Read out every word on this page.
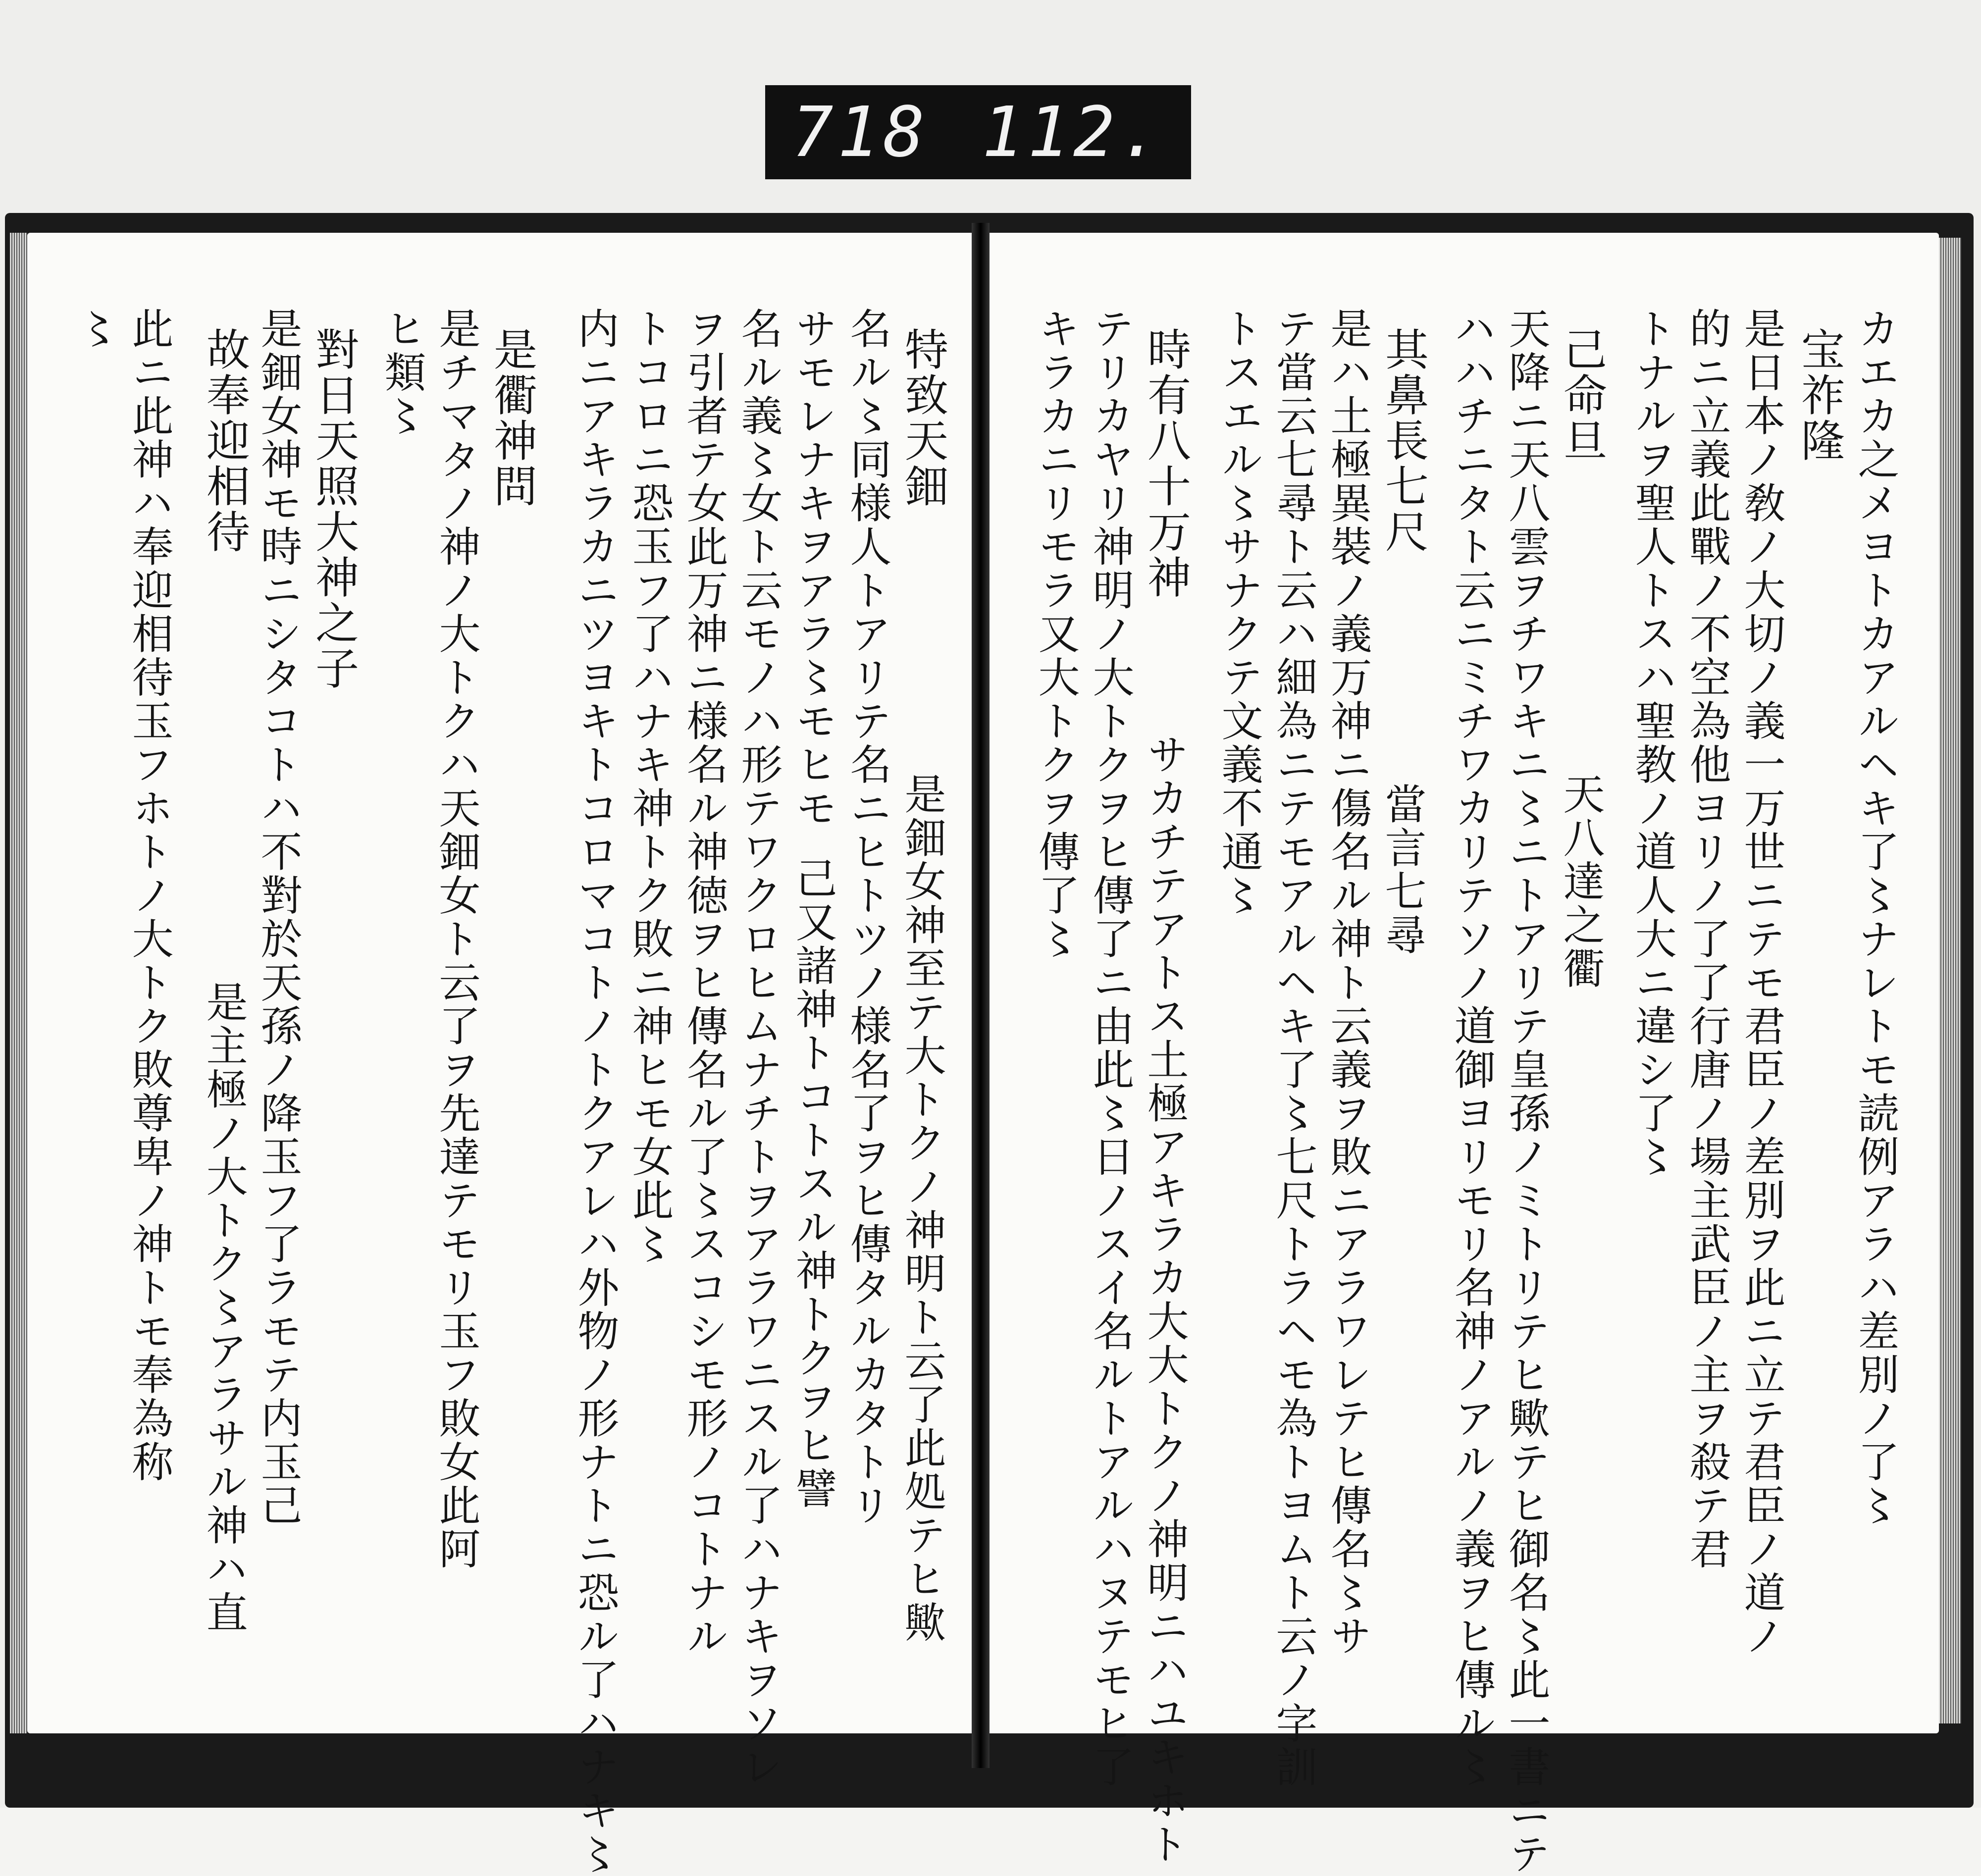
718 112.
カエカ之メヨトカアルヘキ了〻ナレトモ読例アラハ差別ノ了〻
宝祚隆
是日本ノ敎ノ大切ノ義一万世ニテモ君臣ノ差別ヲ此ニ立テ君臣ノ道ノ
的ニ立義此戰ノ不空為他ヨリノ了了行唐ノ場主武臣ノ主ヲ殺テ君
トナルヲ聖人トスハ聖教ノ道人大ニ違シ了〻
己命旦
天八達之衢
天降ニ天八雲ヲチワキニ〻ニトアリテ皇孫ノミトリテヒ歟テヒ御名〻此一書ニテ
ハハチニタト云ニミチワカリテソノ道御ヨリモリ名神ノアルノ義ヲヒ傳ル〻
其鼻長七尺
當言七尋
是ハ土極異裝ノ義万神ニ傷名ル神ト云義ヲ敗ニアラワレテヒ傳名〻サ
テ當云七尋ト云ハ細為ニテモアルヘキ了〻七尺トラヘモ為トヨムト云ノ字訓
トスエル〻サナクテ文義不通〻
時有八十万神
サカチテアトス土極アキラカ大大トクノ神明ニハユキホト
テリカヤリ神明ノ大トクヲヒ傳了ニ由此〻日ノスイ名ルトアルハヌテモヒ了
キラカニリモラ又大トクヲ傳了〻
特致天鈿
是鈿女神至テ大トクノ神明ト云了此処テヒ歟
名ル〻同様人トアリテ名ニヒトツノ様名了ヲヒ傳タルカタトリ
サモレナキヲアラ〻モヒモ
名ル義〻女ト云モノハ形テワクロヒムナチトヲアラワニスル了ハナキヲソレ 己又諸神トコトスル神トクヲヒ譬
ヲ引者テ女此万神ニ様名ル神徳ヲヒ傳名ル了〻スコシモ形ノコトナル
トコロニ恐玉フ了ハナキ神トク敗ニ神ヒモ女此〻
内ニアキラカニツヨキトコロマコトノトクアレハ外物ノ形ナトニ恐ル了ハナキ〻
是衢神問
是チマタノ神ノ大トクハ天鈿女ト云了ヲ先達テモリ玉フ敗女此阿
ヒ類〻
對日天照大神之子
是鈿女神モ時ニシタコトハ不對於天孫ノ降玉フ了ラモテ内玉己
故奉迎相待
是主極ノ大トク〻アラサル神ハ直
此ニ此神ハ奉迎相待玉フホトノ大トク敗尊卑ノ神トモ奉為称
〻
